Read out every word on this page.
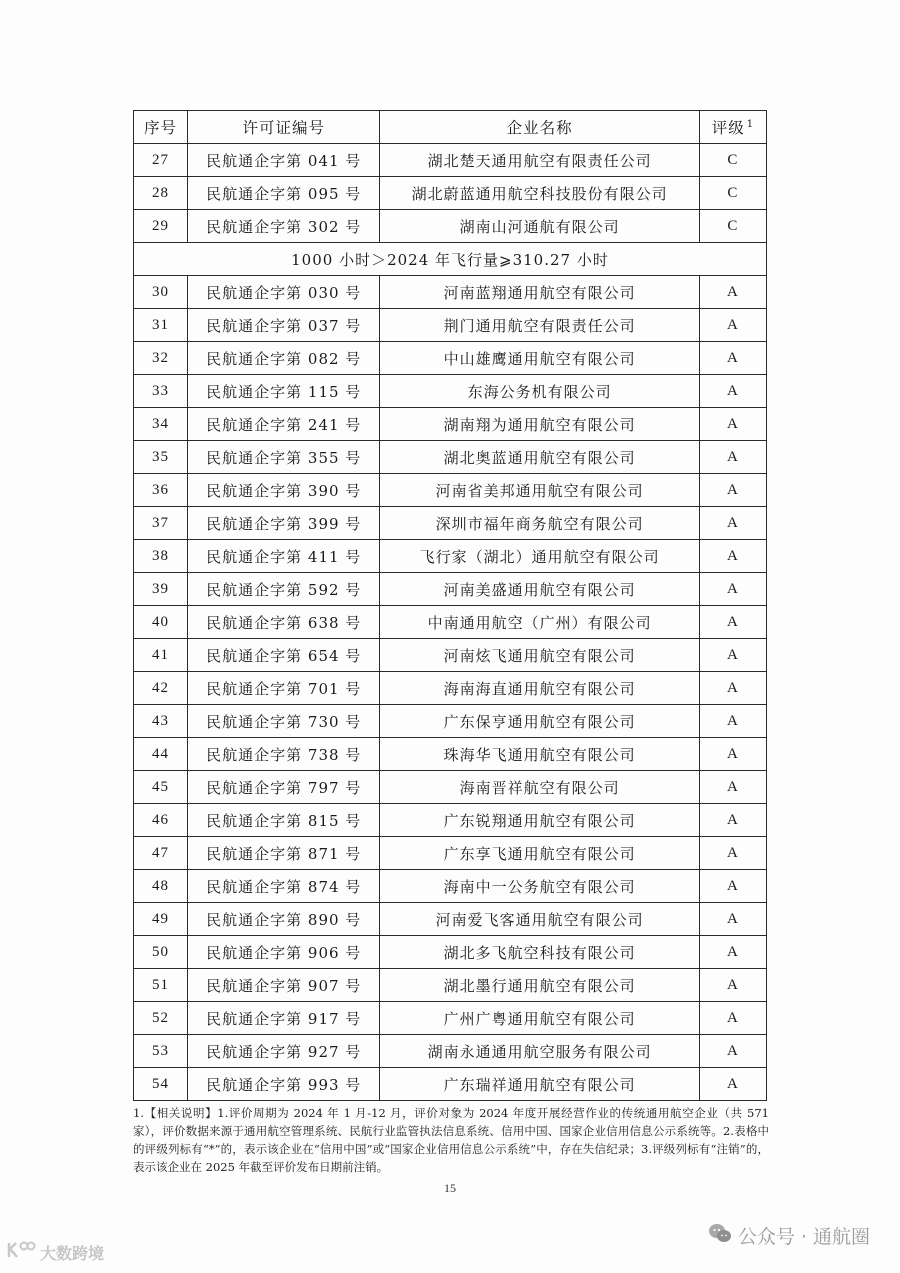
序号	许可证编号	企业名称	评级 $^1$
27	民航通企字第 041 号	湖北楚天通用航空有限责任公司	C
28	民航通企字第 095 号	湖北蔚蓝通用航空科技股份有限公司	C
29	民航通企字第 302 号	湖南山河通航有限公司	C
1000 小时＞2024 年飞行量⩾310.27 小时			
30	民航通企字第 030 号	河南蓝翔通用航空有限公司	A
31	民航通企字第 037 号	荆门通用航空有限责任公司	A
32	民航通企字第 082 号	中山雄鹰通用航空有限公司	A
33	民航通企字第 115 号	东海公务机有限公司	A
34	民航通企字第 241 号	湖南翔为通用航空有限公司	A
35	民航通企字第 355 号	湖北奥蓝通用航空有限公司	A
36	民航通企字第 390 号	河南省美邦通用航空有限公司	A
37	民航通企字第 399 号	深圳市福年商务航空有限公司	A
38	民航通企字第 411 号	飞行家（湖北）通用航空有限公司	A
39	民航通企字第 592 号	河南美盛通用航空有限公司	A
40	民航通企字第 638 号	中南通用航空（广州）有限公司	A
41	民航通企字第 654 号	河南炫飞通用航空有限公司	A
42	民航通企字第 701 号	海南海直通用航空有限公司	A
43	民航通企字第 730 号	广东保亨通用航空有限公司	A
44	民航通企字第 738 号	珠海华飞通用航空有限公司	A
45	民航通企字第 797 号	海南晋祥航空有限公司	A
46	民航通企字第 815 号	广东锐翔通用航空有限公司	A
47	民航通企字第 871 号	广东享飞通用航空有限公司	A
48	民航通企字第 874 号	海南中一公务航空有限公司	A
49	民航通企字第 890 号	河南爱飞客通用航空有限公司	A
50	民航通企字第 906 号	湖北多飞航空科技有限公司	A
51	民航通企字第 907 号	湖北墨行通用航空有限公司	A
52	民航通企字第 917 号	广州广粤通用航空有限公司	A
53	民航通企字第 927 号	湖南永通通用航空服务有限公司	A
54	民航通企字第 993 号	广东瑞祥通用航空有限公司	A
1.【相关说明】1.评价周期为 2024 年 1 月-12 月，评价对象为 2024 年度开展经营作业的传统通用航空企业（共 571 家），评价数据来源于通用航空管理系统、民航行业监管执法信息系统、信用中国、国家企业信用信息公示系统等。2.表格中的评级列标有“*”的，表示该企业在“信用中国”或“国家企业信用信息公示系统”中，存在失信纪录；3.评级列标有“注销”的，表示该企业在 2025 年截至评价发布日期前注销。
15
公众号 · 通航圈
大数跨境
